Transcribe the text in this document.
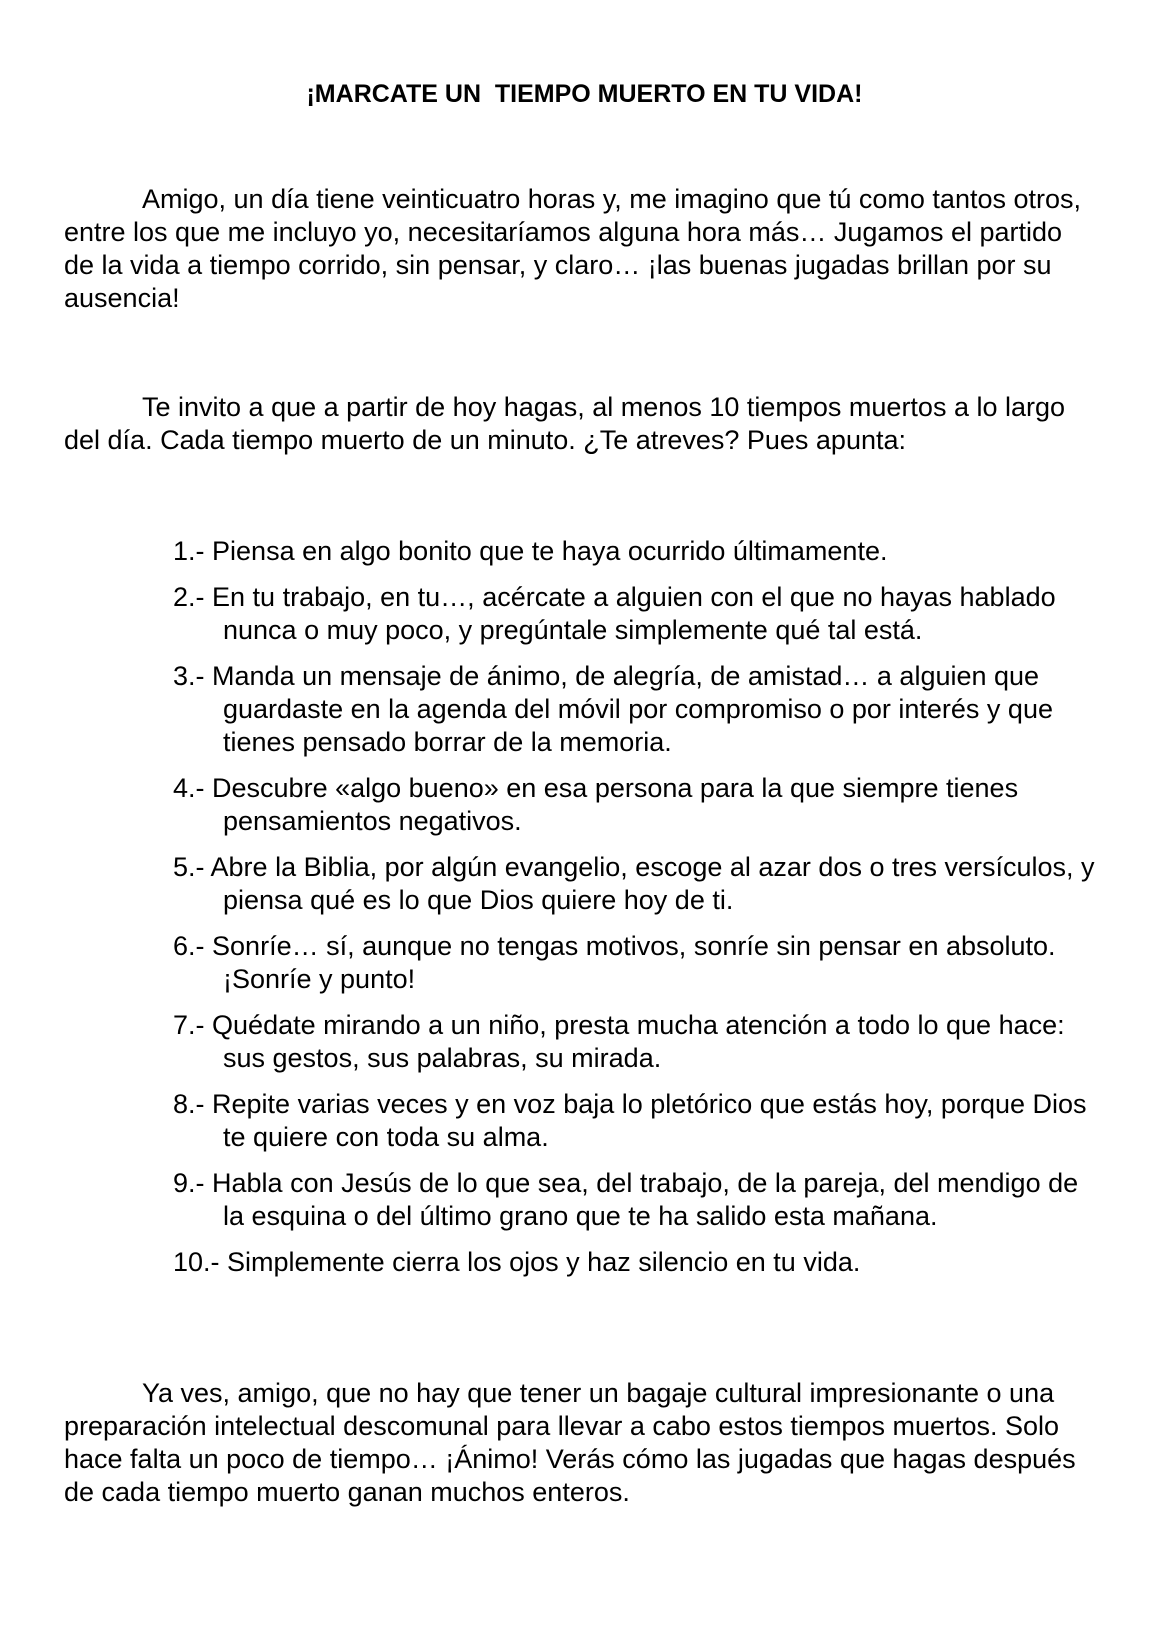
¡MARCATE UN  TIEMPO MUERTO EN TU VIDA!

Amigo, un día tiene veinticuatro horas y, me imagino que tú como tantos otros, entre los que me incluyo yo, necesitaríamos alguna hora más… Jugamos el partido de la vida a tiempo corrido, sin pensar, y claro… ¡las buenas jugadas brillan por su ausencia!

Te invito a que a partir de hoy hagas, al menos 10 tiempos muertos a lo largo del día. Cada tiempo muerto de un minuto. ¿Te atreves? Pues apunta:

1.- Piensa en algo bonito que te haya ocurrido últimamente.
2.- En tu trabajo, en tu…, acércate a alguien con el que no hayas hablado nunca o muy poco, y pregúntale simplemente qué tal está.
3.- Manda un mensaje de ánimo, de alegría, de amistad… a alguien que guardaste en la agenda del móvil por compromiso o por interés y que tienes pensado borrar de la memoria.
4.- Descubre «algo bueno» en esa persona para la que siempre tienes pensamientos negativos.
5.- Abre la Biblia, por algún evangelio, escoge al azar dos o tres versículos, y piensa qué es lo que Dios quiere hoy de ti.
6.- Sonríe… sí, aunque no tengas motivos, sonríe sin pensar en absoluto. ¡Sonríe y punto!
7.- Quédate mirando a un niño, presta mucha atención a todo lo que hace: sus gestos, sus palabras, su mirada.
8.- Repite varias veces y en voz baja lo pletórico que estás hoy, porque Dios te quiere con toda su alma.
9.- Habla con Jesús de lo que sea, del trabajo, de la pareja, del mendigo de la esquina o del último grano que te ha salido esta mañana.
10.- Simplemente cierra los ojos y haz silencio en tu vida.

Ya ves, amigo, que no hay que tener un bagaje cultural impresionante o una preparación intelectual descomunal para llevar a cabo estos tiempos muertos. Solo hace falta un poco de tiempo… ¡Ánimo! Verás cómo las jugadas que hagas después de cada tiempo muerto ganan muchos enteros.
